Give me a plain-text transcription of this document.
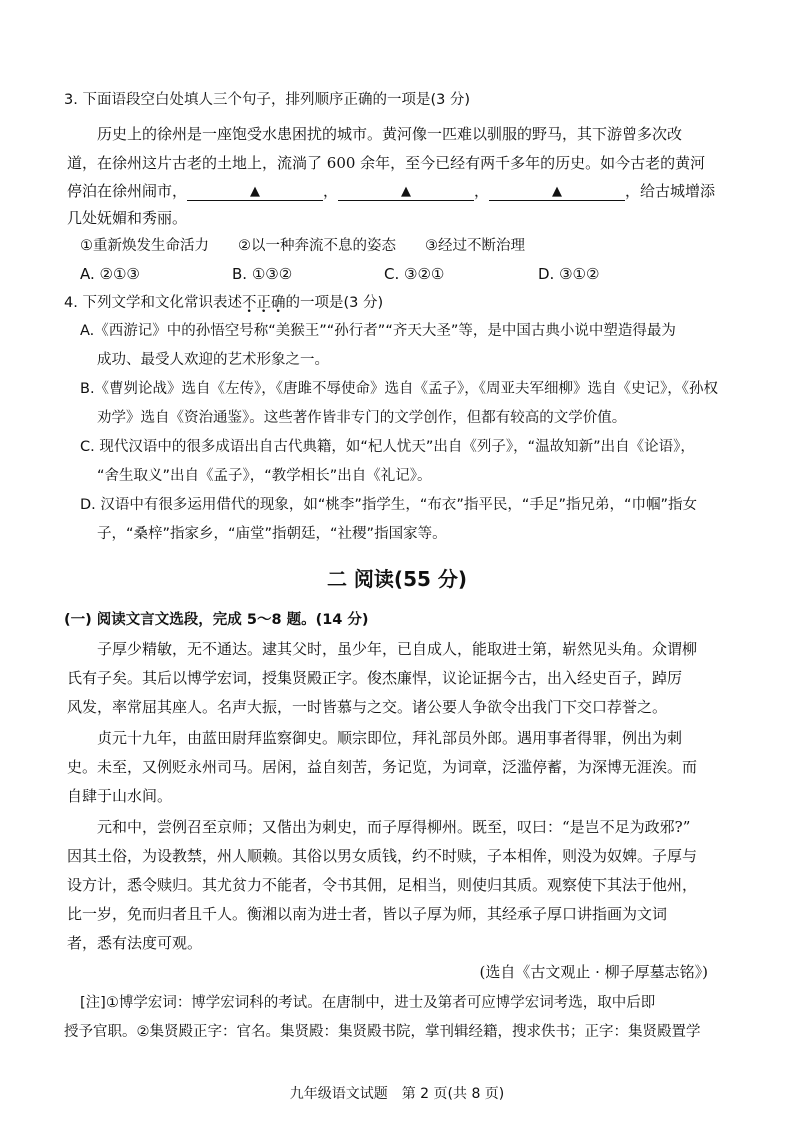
3. 下面语段空白处填人三个句子，排列顺序正确的一项是(3 分)
历史上的徐州是一座饱受水患困扰的城市。黄河像一匹难以驯服的野马，其下游曾多次改
道，在徐州这片古老的土地上，流淌了 600 余年，至今已经有两千多年的历史。如今古老的黄河
停泊在徐州闹市，	▲	，	▲	，	▲	，给古城增添
几处妩媚和秀丽。
①重新焕发生命活力　　②以一种奔流不息的姿态　　③经过不断治理
A. ②①③	B. ①③②	C. ③②①	D. ③①②
4. 下列文学和文化常识表述不正确的一项是(3 分)
A.《西游记》中的孙悟空号称“美猴王”“孙行者”“齐天大圣”等，是中国古典小说中塑造得最为
成功、最受人欢迎的艺术形象之一。
B.《曹刿论战》选自《左传》，《唐雎不辱使命》选自《孟子》，《周亚夫军细柳》选自《史记》，《孙权
劝学》选自《资治通鉴》。这些著作皆非专门的文学创作，但都有较高的文学价值。
C. 现代汉语中的很多成语出自古代典籍，如“杞人忧天”出自《列子》，“温故知新”出自《论语》，
“舍生取义”出自《孟子》，“教学相长”出自《礼记》。
D. 汉语中有很多运用借代的现象，如“桃李”指学生，“布衣”指平民，“手足”指兄弟，“巾帼”指女
子，“桑梓”指家乡，“庙堂”指朝廷，“社稷”指国家等。
二 阅读(55 分)
(一) 阅读文言文选段，完成 5～8 题。(14 分)
子厚少精敏，无不通达。逮其父时，虽少年，已自成人，能取进士第，崭然见头角。众谓柳
氏有子矣。其后以博学宏词，授集贤殿正字。俊杰廉悍，议论证据今古，出入经史百子，踔厉
风发，率常屈其座人。名声大振，一时皆慕与之交。诸公要人争欲令出我门下交口荐誉之。
贞元十九年，由蓝田尉拜监察御史。顺宗即位，拜礼部员外郎。遇用事者得罪，例出为刺
史。未至，又例贬永州司马。居闲，益自刻苦，务记览，为词章，泛滥停蓄，为深博无涯涘。而
自肆于山水间。
元和中，尝例召至京师；又偕出为刺史，而子厚得柳州。既至，叹曰：“是岂不足为政邪?”
因其土俗，为设教禁，州人顺赖。其俗以男女质钱，约不时赎，子本相侔，则没为奴婢。子厚与
设方计，悉令赎归。其尤贫力不能者，令书其佣，足相当，则使归其质。观察使下其法于他州，
比一岁，免而归者且千人。衡湘以南为进士者，皆以子厚为师，其经承子厚口讲指画为文词
者，悉有法度可观。
(选自《古文观止 · 柳子厚墓志铭》)
[注]①博学宏词：博学宏词科的考试。在唐制中，进士及第者可应博学宏词考选，取中后即
授予官职。②集贤殿正字：官名。集贤殿：集贤殿书院，掌刊辑经籍，搜求佚书；正字：集贤殿置学
九年级语文试题　第 2 页(共 8 页)
